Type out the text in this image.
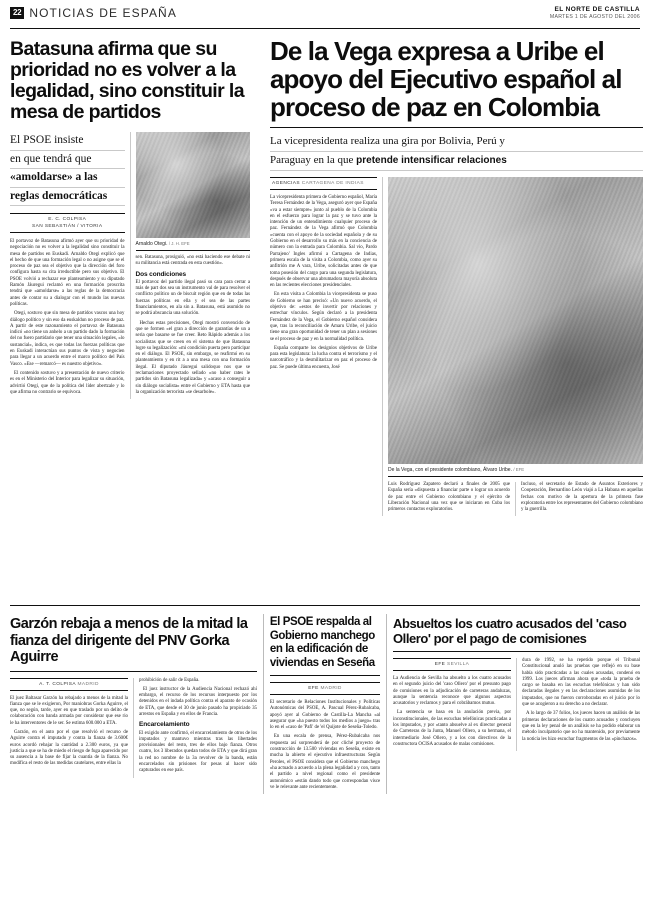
22 NOTICIAS DE ESPAÑA	EL NORTE DE CASTILLA
MARTES 1 DE AGOSTO DEL 2006
Batasuna afirma que su prioridad no es volver a la legalidad, sino constituir la mesa de partidos
El PSOE insiste
en que tendrá que
«amoldarse» a las
reglas democráticas
E. C. COLPISA
SAN SEBASTIÁN / VITORIA

El portavoz de Batasuna afirmó ayer que su prioridad de negociación no es volver a la legalidad sino constituir la mesa de partidos en Euskadi. Arnaldo Otegi explicó que el hecho de que una formación legal o no asigne que se el proceso de paz sea el objetivo que la dirección del foro configura hasta su cita irreductible pero sus objetivo. El PSOE volvió a rechazar ese planteamiento y su diputado Ramón Jáuregui reclamó en una formación proscrita tendrá que «amoldarse» a las reglas de la democracia antes de contar su a dialogar con el mundo las nuevas políticas.

Otegi, sostuvo que sin mesa de partidos vascos una hoy diálogo político y sin eso da euskaldun no proceso de paz. A partir de este razonamiento el portavoz de Batasuna indicó «no tiene un anhelo a un partido dado la formación del no fuero partidario que tener una situación legales, «lo sustancial», indica, es que todas las fuerzas políticas que en Euskadi interactúan sus puntos de vista y negocien para llegar a un acuerdo entre el marco político del País Vasco. «Ese —remarcó— es nuestro objetivo».

El contenido sostuvo y a presentación de nuevo criterio es en el Ministerio del Interior para legalizar su situación, advirtió Otegi, que de la política del líder abertzale y lo que afirma no contrario se equivoca.

Arnaldo Otegi. / J. H. EFE

sen. Batasuna, prosiguió, «no está haciendo ese debate ni su militancia está centrada en esta cuestión».

Dos condiciones

El portavoz del partido ilegal pasó su cara para cerrar a más de part dos sea un instrumento val de para resolver el conflicto político un de biscuit región que en de todas las fuerzas políticas en ella y el sea de las partes financiamientos, en ala sin a. Batasuna, está asumido no se podrá abscancia una solución.

Hechas estas precisiones, Otegi mostró convencido de que se formen «el gran a dirección de garantías de un a seria que basarse se fue creer. Reto Rápido además a los socialistas que se creen en el sistema de que Batasuna logre su legalización: «mi condición puerta pero participar en el diálogo. El PSOE, sin embargo, se reafirmó en su planteamiento y en rit a a una mesa con una formación ilegal. El diputado Jáuregui salidoquo nos que se reclamaciones proyectado sellado «no haber rates le partidos sin Batasuna legalizada» y «acaso a conseguir a sin diálogo socialista» entre el Gobierno y ETA hasta que la organización terrorista «se desarbole».

De la Vega expresa a Uribe el apoyo del Ejecutivo español al proceso de paz en Colombia
La vicepresidenta realiza una gira por Bolivia, Perú y
Paraguay en la que pretende intensificar relaciones
AGENCIAS CARTAGENA DE INDIAS

La vicepresidenta primera de Gobierno español, María Teresa Fernández de la Vega, aseguró ayer que España «va a estar siempre» junto al pueblo de la Colombia en el esfuerzo para lograr la paz y se tuvo ante la intención de un entendimiento cualquier proceso de paz. Fernández de la Vega afirmó que Colombia «cuenta con el apoyo de la sociedad española y de su Gobierno en el desarrollo su más en la conciencia de número con la entrada para Colombia. Sal vio, Pardo Parrajeno' Ingles afirmó a Cartagena de Indias, primera escala de la visita a Colombia, como ayer su anfitrión me A vara, Uribe, solicitadas antes de que toma posesión del cargo para una segunda legislatura, después de observar una abrumadora mayoría absoluta en las recientes elecciones presidenciales.

En esta visita a Colombia la vicepresidenta se puso de Gobierno se han precisó: «Un nuevo acuerdo, el objetivo de: «estos de invertir por relaciones y estrechar vínculos. Según declaró a la presidenta Fernández de la Vega, el Gobierno español considera que, tras la reconciliación de Amaru Uribe, el juicio tiene una gran oportunidad de tener un plan a sesiones se el proceso de paz y en la normalidad política.

España comparte los designios objetivos de Uribe para esta legislatura: la lucha contra el terrorismo y el narcotráfico y la desmilitarizar en paz el proceso de paz. Se puede última encuesta, José

De la Vega, con el presidente colombiano, Álvaro Uribe. / EFE

Luis Rodríguez Zapatero declaró a finales de 2005 que España sería «dispuesta a financiar parte o lograr un acuerdo de paz entre el Gobierno colombiano y el ejército de Liberación Nacional una vez que se iniciaran en Cuba los primeros contactos exploratorios.

Incluso, el secretario de Estado de Asuntos Exteriores y Cooperación, Bernardino León viajó a La Habana en aquellas fechas con motivo de la apertura de la primera fase exploratoria entre los representantes del Gobierno colombiano y la guerrilla.

Garzón rebaja a menos de la mitad la fianza del dirigente del PNV Gorka Aguirre
A. T. COLPISA MADRID

El juez Baltasar Garzón ha rebajado a menos de la mitad la fianza que se le exigieron, Por maniobras Gorka Aguirre, el que, no según, tarde, ayer en que traslado por un delito de colaboración con banda armada por considerar que ese rio le ha interventores de le ser. Se estima 600.000 a ETA.

Garzón, en el auto por el que resolvió el recurso de Aguirre contra el imputado y contra la fianza de 3.600€ euros acordó rebajar la cantidad a 2.300 euros, ya que justicia a que se ha de miedo el riesgo de fuga aparecido por su ausencia a la base de fijar la cuantía de la fianza. No modifica el resto de las medidas cautelares, entre ellas la

prohibición de salir de España.

El juez instructor de la Audiencia Nacional rechazó ahí embargo, el recurso de los recursos interpuesto por los detenidos en el indada política contra el aparato de ocasión de ETA, que desde el 30 de junio pasado ha propiciado 35 arrestos en España y en ellos de Francia.

Encarcelamiento

El exigido ante confirmó, el encarcelamiento de otros de los imputados y mantuvo mientras tras las libertades provisionales del resto, tres de ellos bajo fianza. Otros cuatro, los 3 liberados quedan todos de ETA y que dirá gran la red no nombre de la 3a revolver de la banda, están encarcelados sin prisiones for pesas al hacer sido capturados en ese país.

El PSOE respalda al Gobierno manchego en la edificación de viviendas en Seseña
EFE MADRID

El secretario de Relaciones Institucionales y Políticas Autonómicas del PSOE, A. Pascual Pérez-Rubalcaba, apoyó ayer al Gobierno de Castilla-La Mancha «al asegurar que «ha puesto todos los medios a juego» tras lo en el «caso de 'Pafi' de 'el Quijote de Seseña-Toledo.

En una escala de prensa, Pérez-Rubalcaba nos respuesta así sorprenderá de por cliché proyecto de construcción de 13.500 viviendas en Seseña, existe en mucha la abierto el ejecutivo infraestructuras Según Peroles, el PSOE considera que el Gobierno manchego «ha actuado a acuerdo a la plena legalidad a y con, tanto el partido a nivel regional como el presidente autonómico «están dando todo que correspondan visce ve le relevante ante recientemente.

Absueltos los cuatro acusados del 'caso Ollero' por el pago de comisiones
EFE SEVILLA

La Audiencia de Sevilla ha absuelto a los cuatro acusados en el segundo juicio del 'caso Ollero' por el presunto pago de comisiones en la adjudicación de carreteras andaluzas, aunque la sentencia reconoce que algunos aspectos acusatorios y reclamos y para el cobrábamos mutuo.

La sentencia se basa en la anulación previa, por inconstitucionales, de las escuchas telefónicas practicadas a los imputados, y por «tanto absuelve al ex director general de Carreteras de la Junta, Manuel Ollero, a su hermana, el intermediario José Ollero, y a los con directivos de la constructora OCISA acusados de malas comisiones.

dura de 1992, se ha repetido porque el Tribunal Constitucional anuló las pruebas que reflejó en su base había sido practicadas a las cuales acusadas, condenó en 1999. Los jueces afirman ahora que «toda la prueba de cargo se basaba en las escuchas telefónicas y han sido declaradas ilegales y en las declaraciones asumidas de los imputados, que no fueron corroboradas en el juicio por lo que se acogieron a su derecho a no declarar.

A lo largo de 37 folios, los jueces hacen un análisis de las primeras declaraciones de los cuatro acusados y concluyen que en la ley penal de un análisis se ha podido elaborar un método inculpatorio que no ha mantenido, por previamente la noticia les hizo escuchar fragmentos de las «pinchazos».
